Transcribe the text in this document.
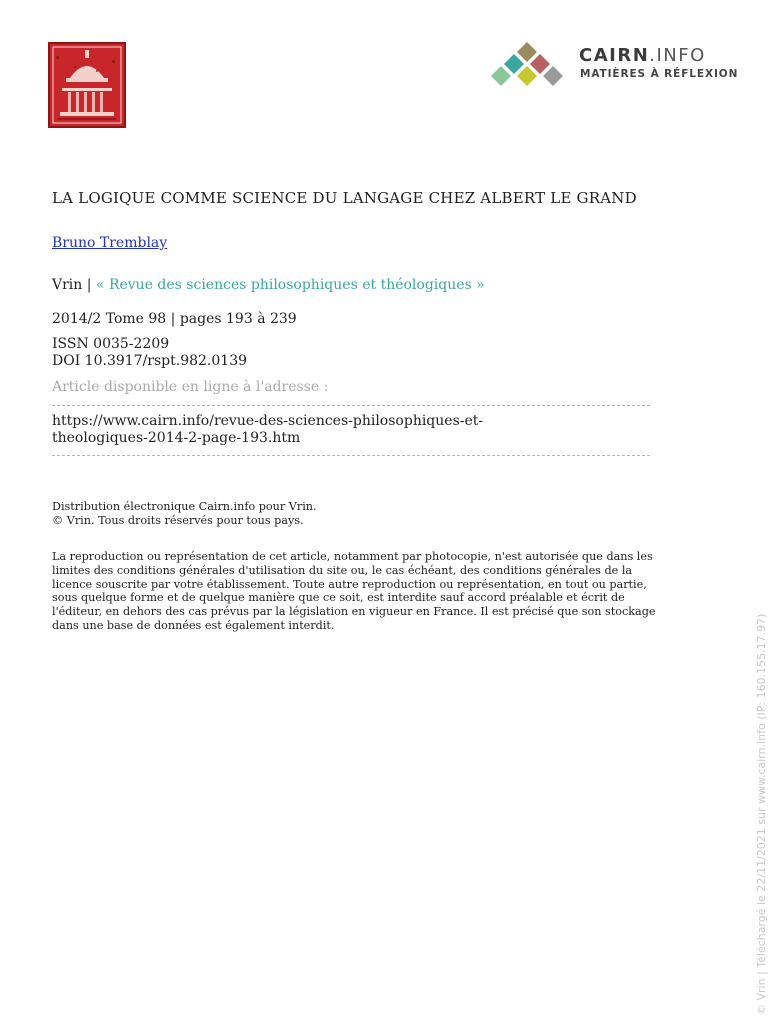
CAIRN.INFO
MATIÈRES À RÉFLEXION
LA LOGIQUE COMME SCIENCE DU LANGAGE CHEZ ALBERT LE GRAND
Bruno Tremblay
Vrin | « Revue des sciences philosophiques et théologiques »
2014/2 Tome 98 | pages 193 à 239
ISSN 0035-2209
DOI 10.3917/rspt.982.0139
Article disponible en ligne à l'adresse :
https://www.cairn.info/revue-des-sciences-philosophiques-et-
theologiques-2014-2-page-193.htm
Distribution électronique Cairn.info pour Vrin.
© Vrin. Tous droits réservés pour tous pays.
La reproduction ou représentation de cet article, notamment par photocopie, n'est autorisée que dans les
limites des conditions générales d'utilisation du site ou, le cas échéant, des conditions générales de la
licence souscrite par votre établissement. Toute autre reproduction ou représentation, en tout ou partie,
sous quelque forme et de quelque manière que ce soit, est interdite sauf accord préalable et écrit de
l'éditeur, en dehors des cas prévus par la législation en vigueur en France. Il est précisé que son stockage
dans une base de données est également interdit.	© Vrin | Téléchargé le 22/11/2021 sur www.cairn.info (IP: 160.155.17.97)
